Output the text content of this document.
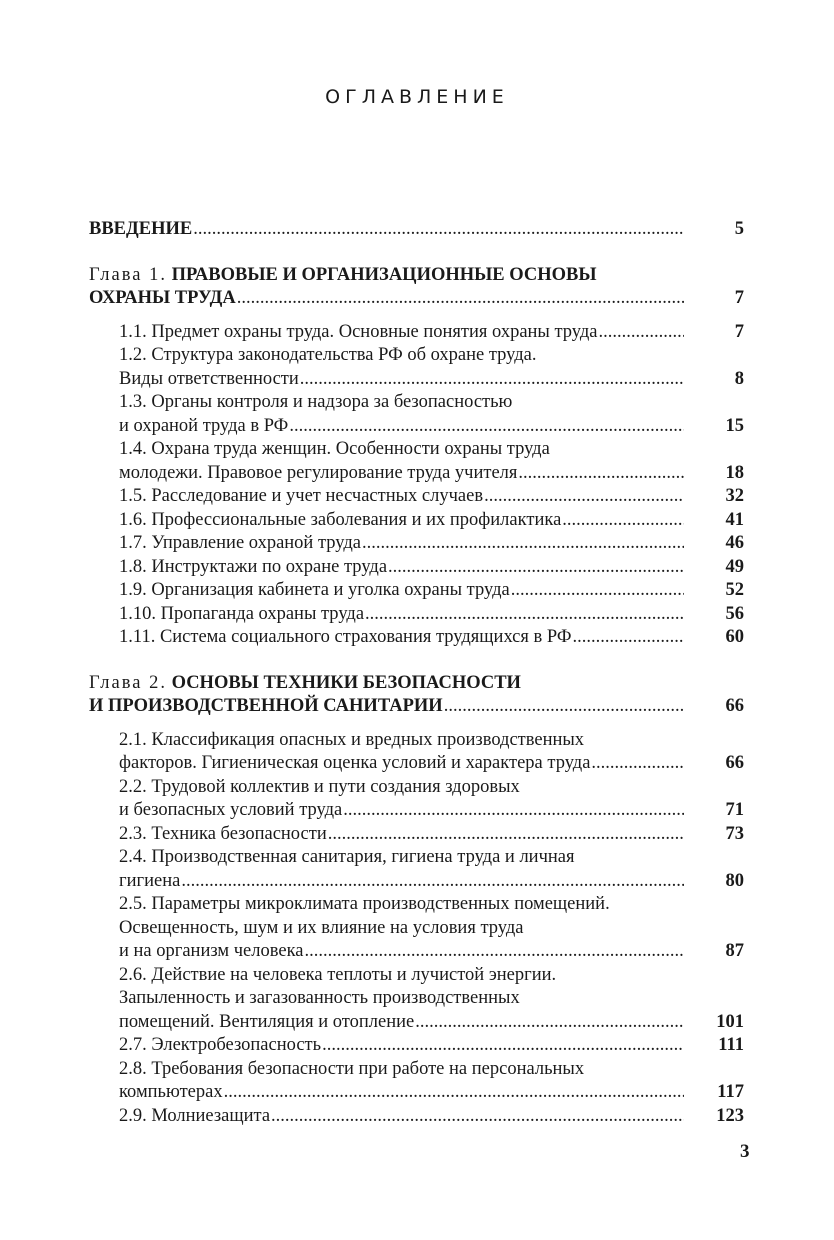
ОГЛАВЛЕНИЕ
ВВЕДЕНИЕ .....	5
Глава 1. ПРАВОВЫЕ И ОРГАНИЗАЦИОННЫЕ ОСНОВЫ
ОХРАНЫ ТРУДА .....	7
1.1. Предмет охраны труда. Основные понятия охраны труда .....	7
1.2. Структура законодательства РФ об охране труда.
Виды ответственности .....	8
1.3. Органы контроля и надзора за безопасностью
и охраной труда в РФ .....	15
1.4. Охрана труда женщин. Особенности охраны труда
молодежи. Правовое регулирование труда учителя .....	18
1.5. Расследование и учет несчастных случаев .....	32
1.6. Профессиональные заболевания и их профилактика .....	41
1.7. Управление охраной труда .....	46
1.8. Инструктажи по охране труда .....	49
1.9. Организация кабинета и уголка охраны труда .....	52
1.10. Пропаганда охраны труда .....	56
1.11. Система социального страхования трудящихся в РФ .....	60
Глава 2. ОСНОВЫ ТЕХНИКИ БЕЗОПАСНОСТИ
И ПРОИЗВОДСТВЕННОЙ САНИТАРИИ .....	66
2.1. Классификация опасных и вредных производственных
факторов. Гигиеническая оценка условий и характера труда .....	66
2.2. Трудовой коллектив и пути создания здоровых
и безопасных условий труда .....	71
2.3. Техника безопасности .....	73
2.4. Производственная санитария, гигиена труда и личная
гигиена .....	80
2.5. Параметры микроклимата производственных помещений.
Освещенность, шум и их влияние на условия труда
и на организм человека .....	87
2.6. Действие на человека теплоты и лучистой энергии.
Запыленность и загазованность производственных
помещений. Вентиляция и отопление .....	101
2.7. Электробезопасность .....	111
2.8. Требования безопасности при работе на персональных
компьютерах .....	117
2.9. Молниезащита .....	123
3
